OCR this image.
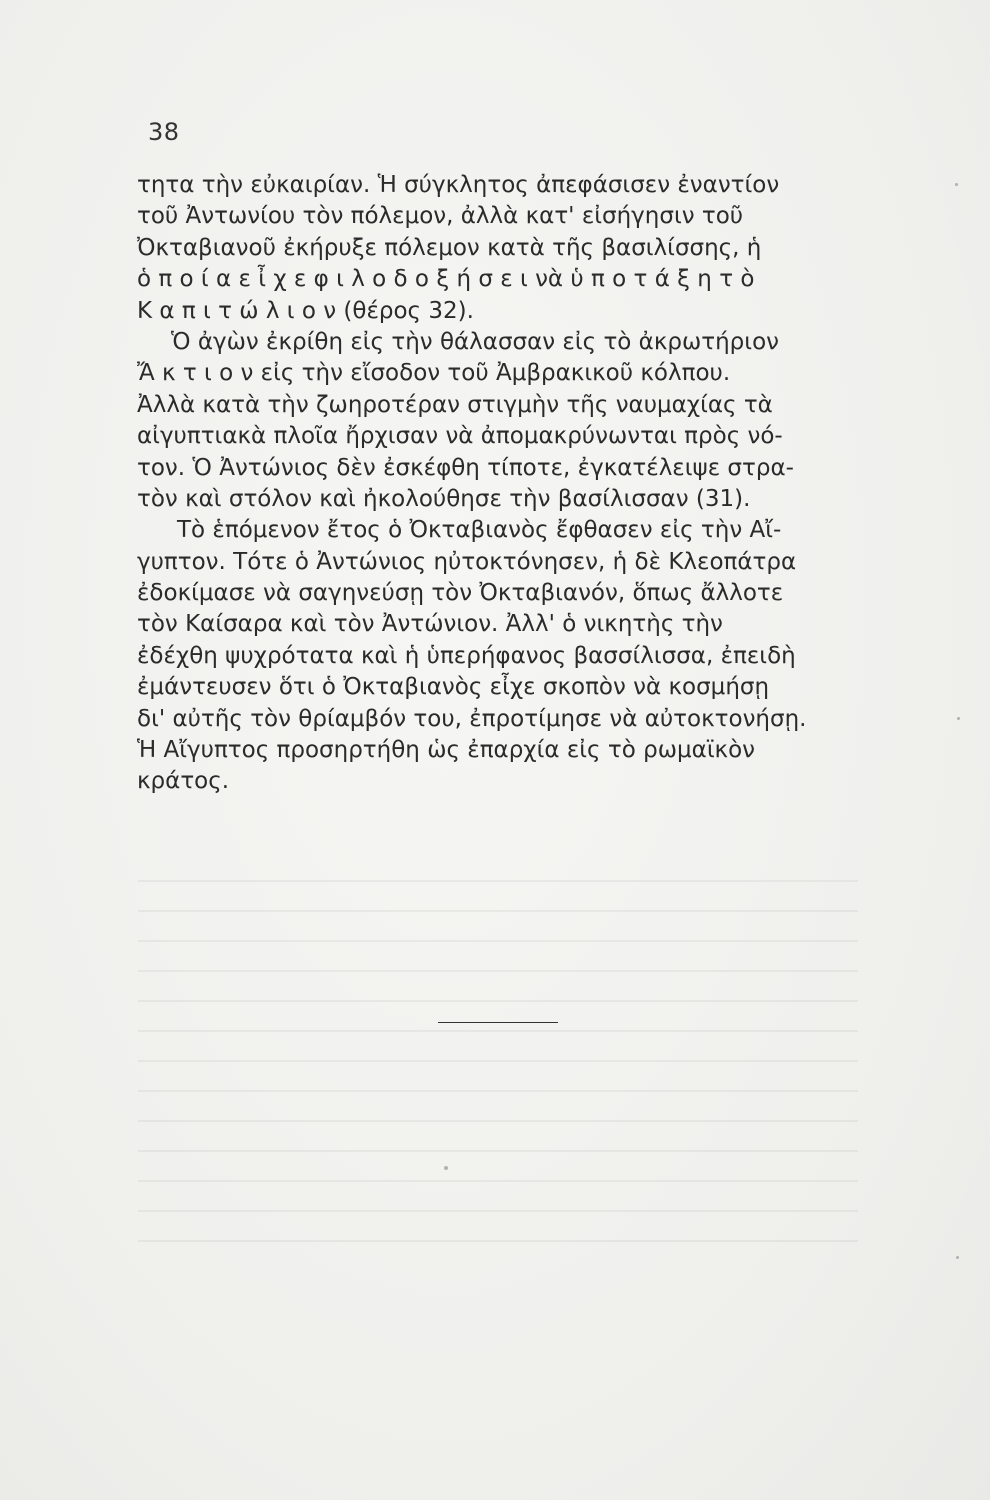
38
τητα τὴν εὐκαιρίαν. Ἡ σύγκλητος ἀπεφάσισεν ἐναντίον
τοῦ Ἀντωνίου τὸν πόλεμον, ἀλλὰ κατ' εἰσήγησιν τοῦ
Ὀκταβιανοῦ ἐκήρυξε πόλεμον κατὰ τῆς βασιλίσσης, ἡ
ὁ π ο ί α ε ἶ χ ε φ ι λ ο δ ο ξ ή σ ε ι νὰ ὑ π ο τ ά ξ η τ ὸ
Κ α π ι τ ώ λ ι ο ν (θέρος 32).
Ὁ ἀγὼν ἐκρίθη εἰς τὴν θάλασσαν εἰς τὸ ἀκρωτήριον
Ἄ κ τ ι ο ν εἰς τὴν εἴσοδον τοῦ Ἀμβρακικοῦ κόλπου.
Ἀλλὰ κατὰ τὴν ζωηροτέραν στιγμὴν τῆς ναυμαχίας τὰ
αἰγυπτιακὰ πλοῖα ἤρχισαν νὰ ἀπομακρύνωνται πρὸς νό-
τον. Ὁ Ἀντώνιος δὲν ἐσκέφθη τίποτε, ἐγκατέλειψε στρα-
τὸν καὶ στόλον καὶ ἠκολούθησε τὴν βασίλισσαν (31).
Τὸ ἑπόμενον ἔτος ὁ Ὀκταβιανὸς ἔφθασεν εἰς τὴν Αἴ-
γυπτον. Τότε ὁ Ἀντώνιος ηὐτοκτόνησεν, ἡ δὲ Κλεοπάτρα
ἐδοκίμασε νὰ σαγηνεύσῃ τὸν Ὀκταβιανόν, ὅπως ἄλλοτε
τὸν Καίσαρα καὶ τὸν Ἀντώνιον. Ἀλλ' ὁ νικητὴς τὴν
ἐδέχθη ψυχρότατα καὶ ἡ ὑπερήφανος βασσίλισσα, ἐπειδὴ
ἐμάντευσεν ὅτι ὁ Ὀκταβιανὸς εἶχε σκοπὸν νὰ κοσμήσῃ
δι' αὐτῆς τὸν θρίαμβόν του, ἐπροτίμησε νὰ αὐτοκτονήσῃ.
Ἡ Αἴγυπτος προσηρτήθη ὡς ἐπαρχία εἰς τὸ ρωμαϊκὸν
κράτος.
